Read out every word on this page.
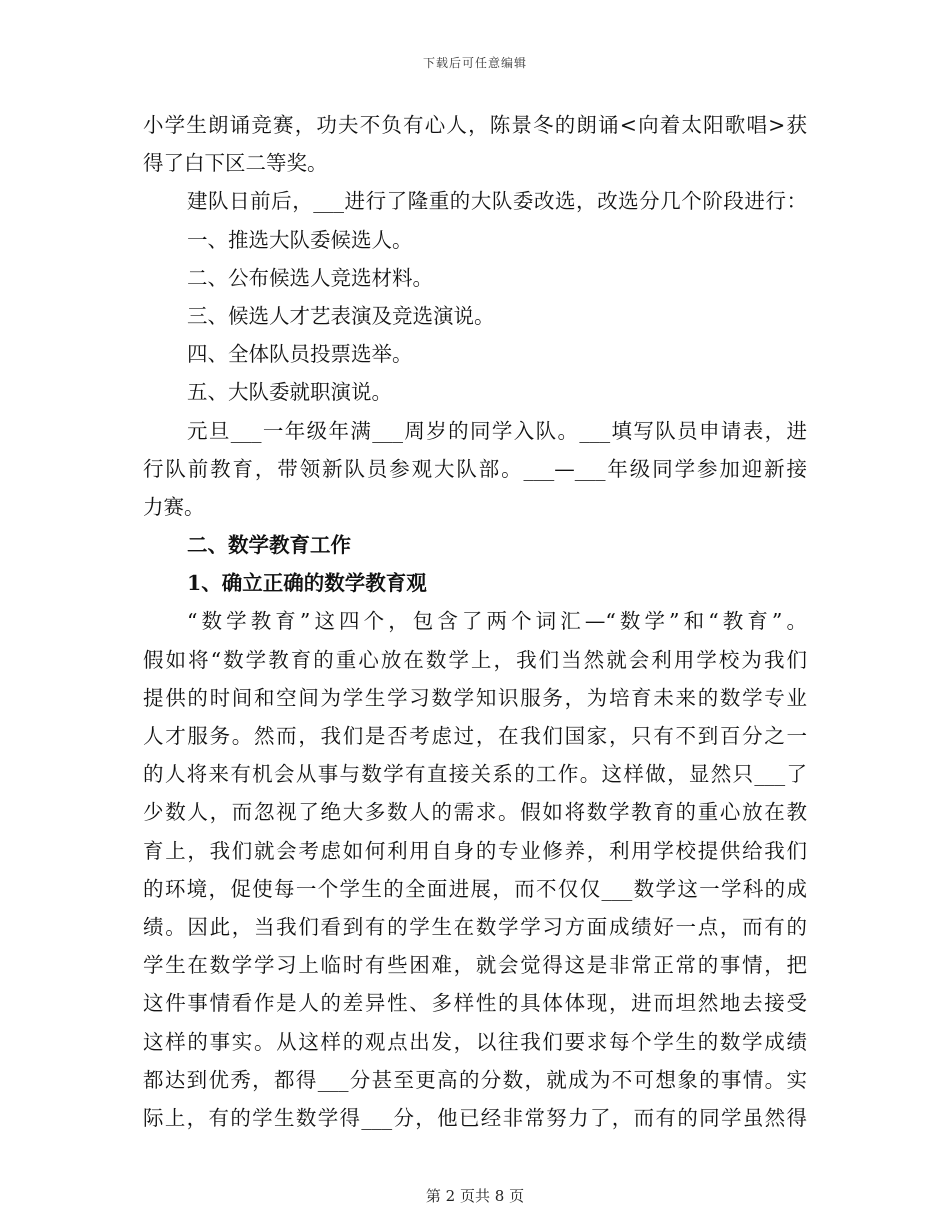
下载后可任意编辑
小学生朗诵竞赛，功夫不负有心人，陈景冬的朗诵<向着太阳歌唱>获
得了白下区二等奖。
建队日前后，___进行了隆重的大队委改选，改选分几个阶段进行：
一、推选大队委候选人。
二、公布候选人竞选材料。
三、候选人才艺表演及竞选演说。
四、全体队员投票选举。
五、大队委就职演说。
元旦___一年级年满___周岁的同学入队。___填写队员申请表，进
行队前教育，带领新队员参观大队部。___—___年级同学参加迎新接
力赛。
二、数学教育工作
1、确立正确的数学教育观
“数学教育”这四个，包含了两个词汇—“数学”和“教育”。
假如将“数学教育的重心放在数学上，我们当然就会利用学校为我们
提供的时间和空间为学生学习数学知识服务，为培育未来的数学专业
人才服务。然而，我们是否考虑过，在我们国家，只有不到百分之一
的人将来有机会从事与数学有直接关系的工作。这样做，显然只___了
少数人，而忽视了绝大多数人的需求。假如将数学教育的重心放在教
育上，我们就会考虑如何利用自身的专业修养，利用学校提供给我们
的环境，促使每一个学生的全面进展，而不仅仅___数学这一学科的成
绩。因此，当我们看到有的学生在数学学习方面成绩好一点，而有的
学生在数学学习上临时有些困难，就会觉得这是非常正常的事情，把
这件事情看作是人的差异性、多样性的具体体现，进而坦然地去接受
这样的事实。从这样的观点出发，以往我们要求每个学生的数学成绩
都达到优秀，都得___分甚至更高的分数，就成为不可想象的事情。实
际上，有的学生数学得___分，他已经非常努力了，而有的同学虽然得
第 2 页共 8 页
